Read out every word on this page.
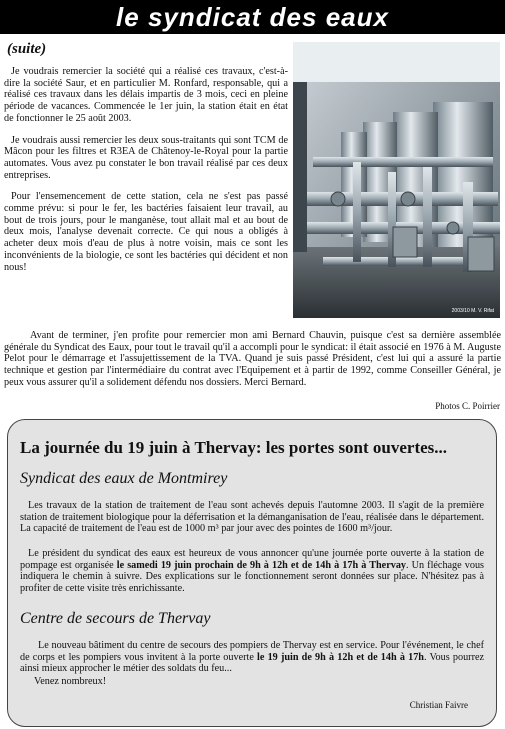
le syndicat des eaux
(suite)

Je voudrais remercier la société qui a réalisé ces travaux, c'est-à-dire la société Saur, et en particulier M. Ronfard, responsable, qui a réalisé ces travaux dans les délais impartis de 3 mois, ceci en pleine période de vacances. Commencée le 1er juin, la station était en état de fonctionner le 25 août 2003.

Je voudrais aussi remercier les deux sous-traitants qui sont TCM de Mâcon pour les filtres et R3EA de Châtenoy-le-Royal pour la partie automates. Vous avez pu constater le bon travail réalisé par ces deux entreprises.

Pour l'ensemencement de cette station, cela ne s'est pas passé comme prévu: si pour le fer, les bactéries faisaient leur travail, au bout de trois jours, pour le manganèse, tout allait mal et au bout de deux mois, l'analyse devenait correcte. Ce qui nous a obligés à acheter deux mois d'eau de plus à notre voisin, mais ce sont les inconvénients de la biologie, ce sont les bactéries qui décident et non nous!

2003/10 M. V. Rifat

Avant de terminer, j'en profite pour remercier mon ami Bernard Chauvin, puisque c'est sa dernière assemblée générale du Syndicat des Eaux, pour tout le travail qu'il a accompli pour le syndicat: il était associé en 1976 à M. Auguste Pelot pour le démarrage et l'assujettissement de la TVA. Quand je suis passé Président, c'est lui qui a assuré la partie technique et gestion par l'intermédiaire du contrat avec l'Equipement et à partir de 1992, comme Conseiller Général, je peux vous assurer qu'il a solidement défendu nos dossiers. Merci Bernard.

Photos C. Poirrier
La journée du 19 juin à Thervay: les portes sont ouvertes...
Syndicat des eaux de Montmirey

Les travaux de la station de traitement de l'eau sont achevés depuis l'automne 2003. Il s'agit de la première station de traitement biologique pour la déferrisation et la démanganisation de l'eau, réalisée dans le département. La capacité de traitement de l'eau est de 1000 m³ par jour avec des pointes de 1600 m³/jour.

Le président du syndicat des eaux est heureux de vous annoncer qu'une journée porte ouverte à la station de pompage est organisée le samedi 19 juin prochain de 9h à 12h et de 14h à 17h à Thervay. Un fléchage vous indiquera le chemin à suivre. Des explications sur le fonctionnement seront données sur place. N'hésitez pas à profiter de cette visite très enrichissante.

Centre de secours de Thervay

Le nouveau bâtiment du centre de secours des pompiers de Thervay est en service. Pour l'événement, le chef de corps et les pompiers vous invitent à la porte ouverte le 19 juin de 9h à 12h et de 14h à 17h. Vous pourrez ainsi mieux approcher le métier des soldats du feu...

Venez nombreux!

Christian Faivre
